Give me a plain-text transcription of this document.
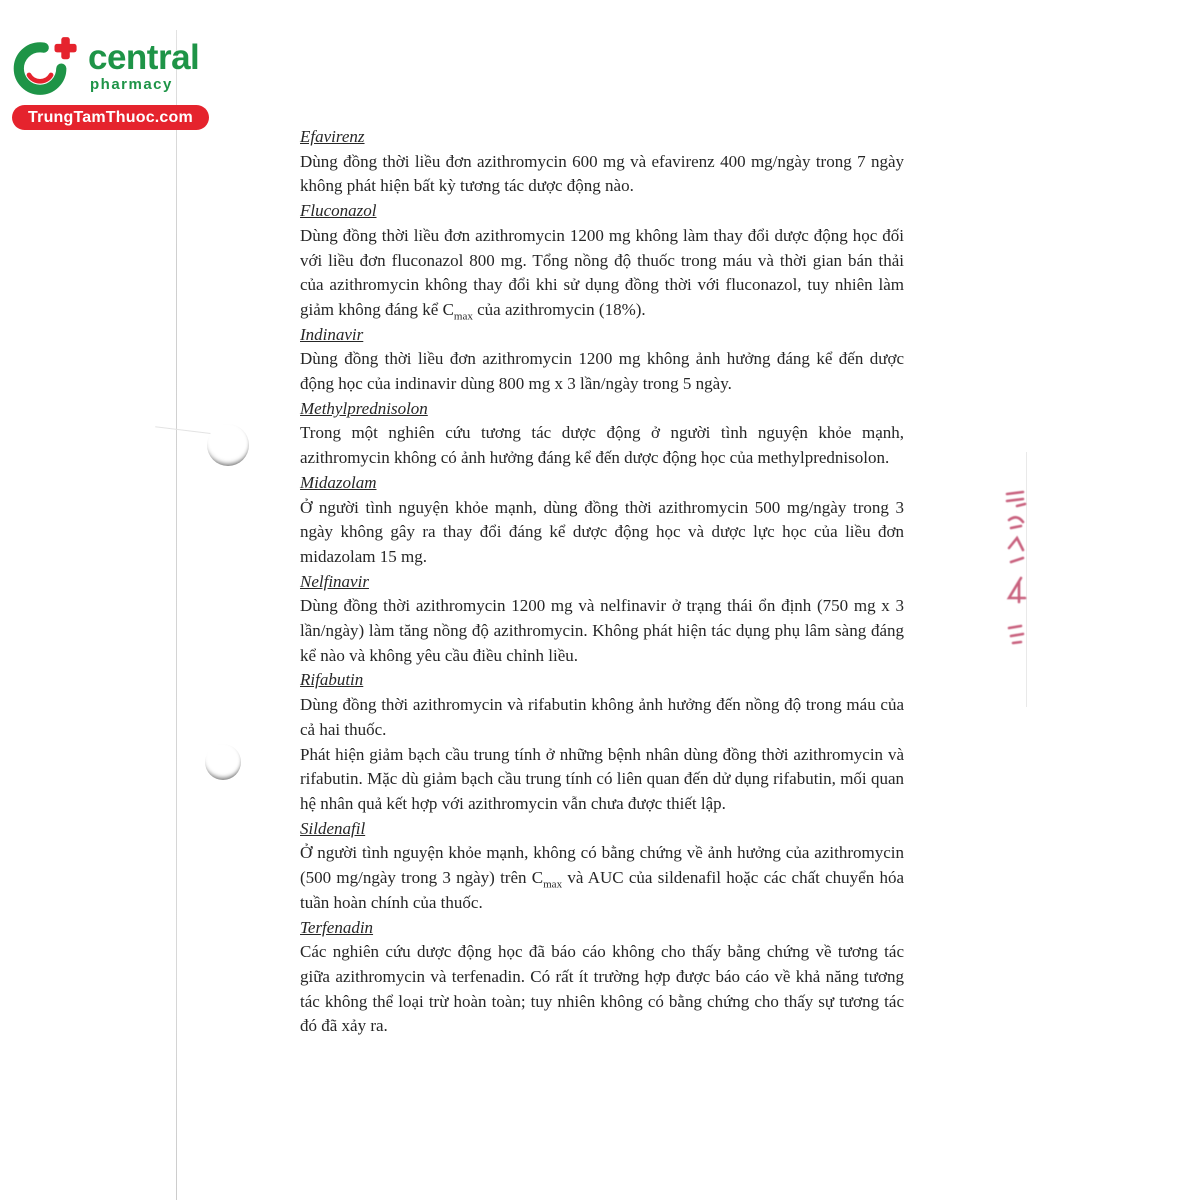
central
pharmacy
TrungTamThuoc.com
Efavirenz

Dùng đồng thời liều đơn azithromycin 600 mg và efavirenz 400 mg/ngày trong 7 ngày không phát hiện bất kỳ tương tác dược động nào.

Fluconazol

Dùng đồng thời liều đơn azithromycin 1200 mg không làm thay đổi dược động học đối với liều đơn fluconazol 800 mg. Tổng nồng độ thuốc trong máu và thời gian bán thải của azithromycin không thay đổi khi sử dụng đồng thời với fluconazol, tuy nhiên làm giảm không đáng kể $C_{max}$ của azithromycin (18%).

Indinavir

Dùng đồng thời liều đơn azithromycin 1200 mg không ảnh hưởng đáng kể đến dược động học của indinavir dùng 800 mg x 3 lần/ngày trong 5 ngày.

Methylprednisolon

Trong một nghiên cứu tương tác dược động ở người tình nguyện khỏe mạnh, azithromycin không có ảnh hưởng đáng kể đến dược động học của methylprednisolon.

Midazolam

Ở người tình nguyện khỏe mạnh, dùng đồng thời azithromycin 500 mg/ngày trong 3 ngày không gây ra thay đổi đáng kể dược động học và dược lực học của liều đơn midazolam 15 mg.

Nelfinavir

Dùng đồng thời azithromycin 1200 mg và nelfinavir ở trạng thái ổn định (750 mg x 3 lần/ngày) làm tăng nồng độ azithromycin. Không phát hiện tác dụng phụ lâm sàng đáng kể nào và không yêu cầu điều chỉnh liều.

Rifabutin

Dùng đồng thời azithromycin và rifabutin không ảnh hưởng đến nồng độ trong máu của cả hai thuốc.

Phát hiện giảm bạch cầu trung tính ở những bệnh nhân dùng đồng thời azithromycin và rifabutin. Mặc dù giảm bạch cầu trung tính có liên quan đến dử dụng rifabutin, mối quan hệ nhân quả kết hợp với azithromycin vẫn chưa được thiết lập.

Sildenafil

Ở người tình nguyện khỏe mạnh, không có bằng chứng về ảnh hưởng của azithromycin (500 mg/ngày trong 3 ngày) trên $C_{max}$ và AUC của sildenafil hoặc các chất chuyển hóa tuần hoàn chính của thuốc.

Terfenadin

Các nghiên cứu dược động học đã báo cáo không cho thấy bằng chứng về tương tác giữa azithromycin và terfenadin. Có rất ít trường hợp được báo cáo về khả năng tương tác không thể loại trừ hoàn toàn; tuy nhiên không có bằng chứng cho thấy sự tương tác đó đã xảy ra.
